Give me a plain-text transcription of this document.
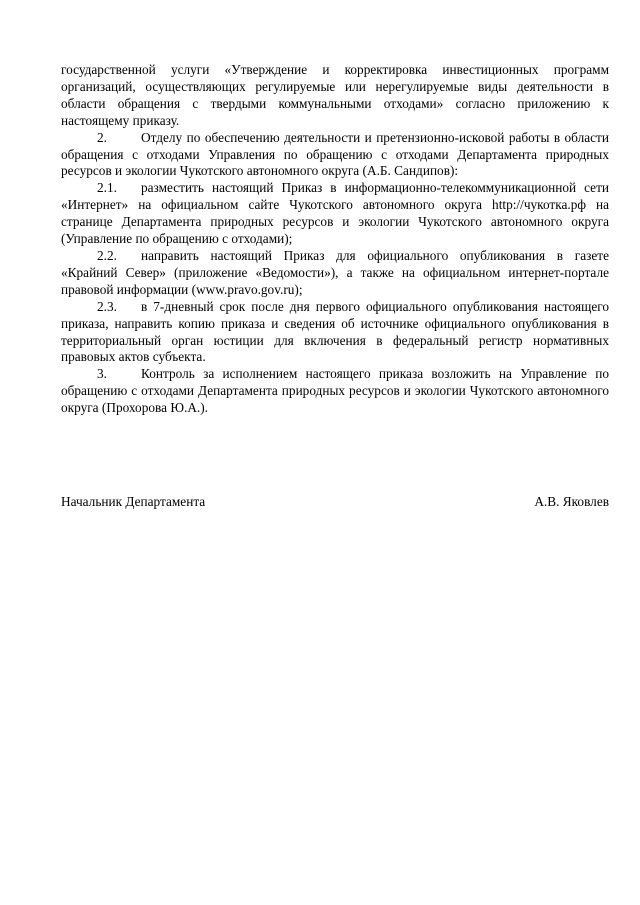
государственной услуги «Утверждение и корректировка инвестиционных программ организаций, осуществляющих регулируемые или нерегулируемые виды деятельности в области обращения с твердыми коммунальными отходами» согласно приложению к настоящему приказу.

2.	Отделу по обеспечению деятельности и претензионно-исковой работы в области обращения с отходами Управления по обращению с отходами Департамента природных ресурсов и экологии Чукотского автономного округа (А.Б. Сандипов):

2.1. разместить настоящий Приказ в информационно-телекоммуникационной сети «Интернет» на официальном сайте Чукотского автономного округа http://чукотка.рф на странице Департамента природных ресурсов и экологии Чукотского автономного округа (Управление по обращению с отходами);

2.2. направить настоящий Приказ для официального опубликования в газете «Крайний Север» (приложение «Ведомости»), а также на официальном интернет-портале правовой информации (www.pravo.gov.ru);

2.3. в 7-дневный срок после дня первого официального опубликования настоящего приказа, направить копию приказа и сведения об источнике официального опубликования в территориальный орган юстиции для включения в федеральный регистр нормативных правовых актов субъекта.

3.	Контроль за исполнением настоящего приказа возложить на Управление по обращению с отходами Департамента природных ресурсов и экологии Чукотского автономного округа (Прохорова Ю.А.).

Начальник Департамента	А.В. Яковлев
